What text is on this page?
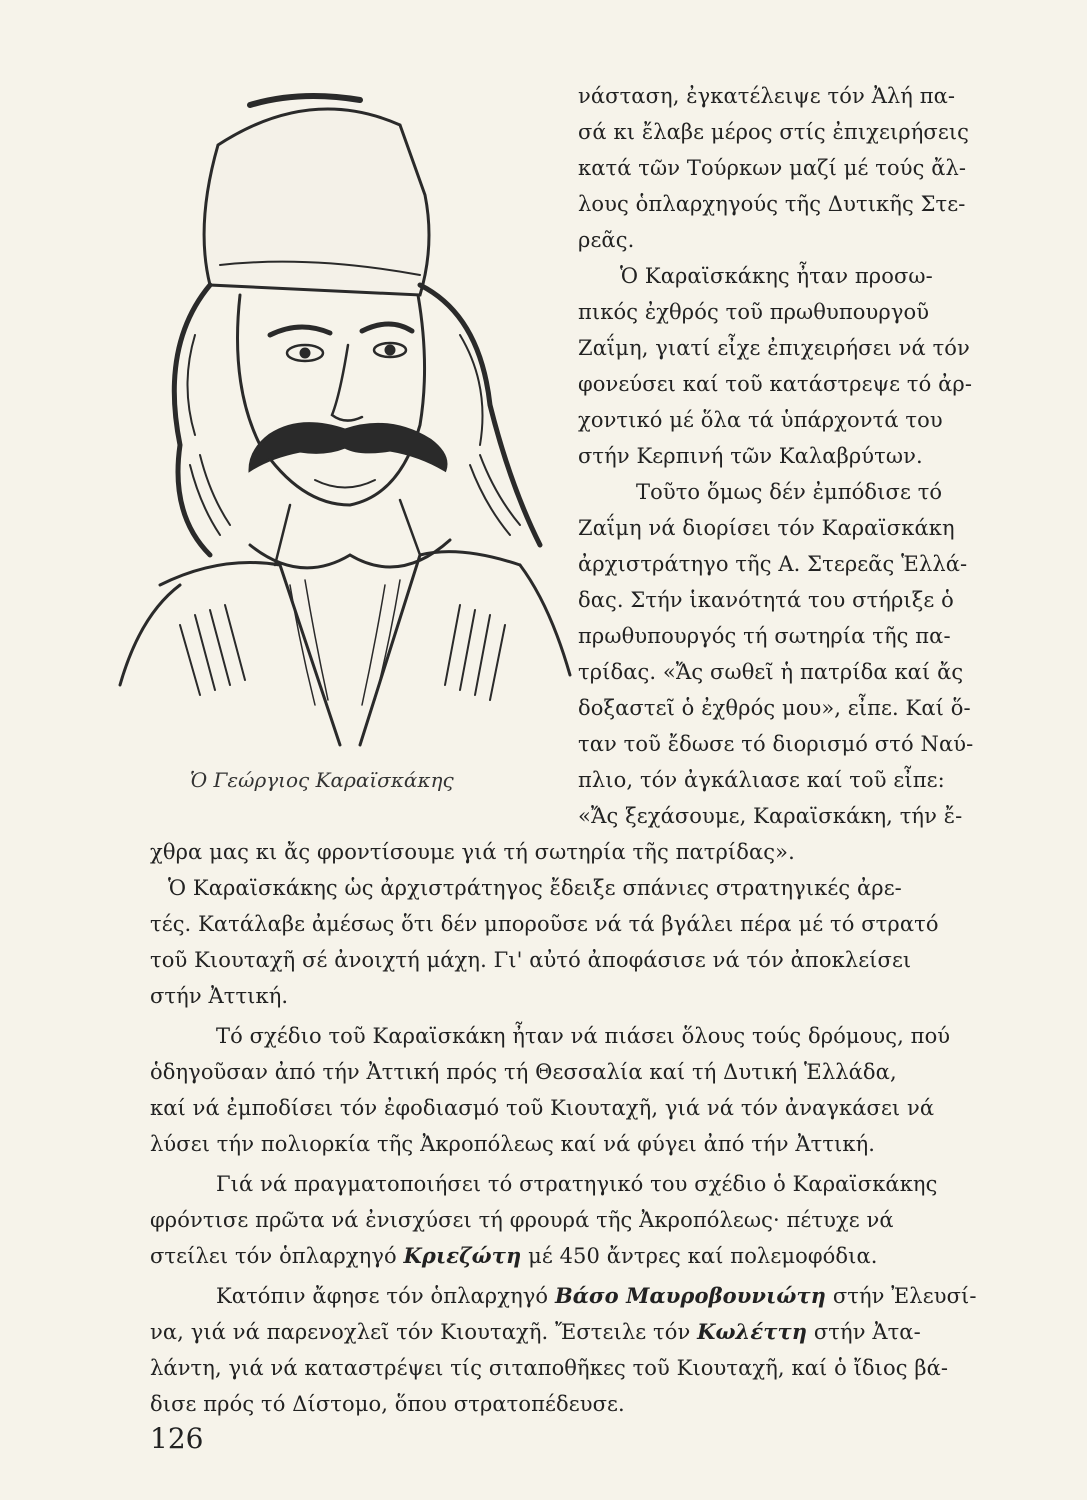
Ὁ Γεώργιος Καραϊσκάκης
νάσταση, ἐγκατέλειψε τόν Ἀλή πα-
σά κι ἔλαβε μέρος στίς ἐπιχειρήσεις
κατά τῶν Τούρκων μαζί μέ τούς ἄλ-
λους ὁπλαρχηγούς τῆς Δυτικῆς Στε-
ρεᾶς.
Ὁ Καραϊσκάκης ἦταν προσω-
πικός ἐχθρός τοῦ πρωθυπουργοῦ
Ζαΐμη, γιατί εἶχε ἐπιχειρήσει νά τόν
φονεύσει καί τοῦ κατάστρεψε τό ἀρ-
χοντικό μέ ὅλα τά ὑπάρχοντά του
στήν Κερπινή τῶν Καλαβρύτων.
Τοῦτο ὅμως δέν ἐμπόδισε τό
Ζαΐμη νά διορίσει τόν Καραϊσκάκη
ἀρχιστράτηγο τῆς Α. Στερεᾶς Ἑλλά-
δας. Στήν ἱκανότητά του στήριξε ὁ
πρωθυπουργός τή σωτηρία τῆς πα-
τρίδας. «Ἄς σωθεῖ ἡ πατρίδα καί ἄς
δοξαστεῖ ὁ ἐχθρός μου», εἶπε. Καί ὅ-
ταν τοῦ ἔδωσε τό διορισμό στό Ναύ-
πλιο, τόν ἀγκάλιασε καί τοῦ εἶπε:
«Ἄς ξεχάσουμε, Καραϊσκάκη, τήν ἔ-
χθρα μας κι ἄς φροντίσουμε γιά τή σωτηρία τῆς πατρίδας».
Ὁ Καραϊσκάκης ὡς ἀρχιστράτηγος ἔδειξε σπάνιες στρατηγικές ἀρε-
τές. Κατάλαβε ἀμέσως ὅτι δέν μποροῦσε νά τά βγάλει πέρα μέ τό στρατό
τοῦ Κιουταχῆ σέ ἀνοιχτή μάχη. Γι' αὐτό ἀποφάσισε νά τόν ἀποκλείσει
στήν Ἀττική.
Τό σχέδιο τοῦ Καραϊσκάκη ἦταν νά πιάσει ὅλους τούς δρόμους, πού
ὁδηγοῦσαν ἀπό τήν Ἀττική πρός τή Θεσσαλία καί τή Δυτική Ἑλλάδα,
καί νά ἐμποδίσει τόν ἐφοδιασμό τοῦ Κιουταχῆ, γιά νά τόν ἀναγκάσει νά
λύσει τήν πολιορκία τῆς Ἀκροπόλεως καί νά φύγει ἀπό τήν Ἀττική.
Γιά νά πραγματοποιήσει τό στρατηγικό του σχέδιο ὁ Καραϊσκάκης
φρόντισε πρῶτα νά ἐνισχύσει τή φρουρά τῆς Ἀκροπόλεως· πέτυχε νά
στείλει τόν ὁπλαρχηγό Κριεζώτη μέ 450 ἄντρες καί πολεμοφόδια.
Κατόπιν ἄφησε τόν ὁπλαρχηγό Βάσο Μαυροβουνιώτη στήν Ἐλευσί-
να, γιά νά παρενοχλεῖ τόν Κιουταχῆ. Ἔστειλε τόν Κωλέττη στήν Ἀτα-
λάντη, γιά νά καταστρέψει τίς σιταποθῆκες τοῦ Κιουταχῆ, καί ὁ ἴδιος βά-
δισε πρός τό Δίστομο, ὅπου στρατοπέδευσε.
126
